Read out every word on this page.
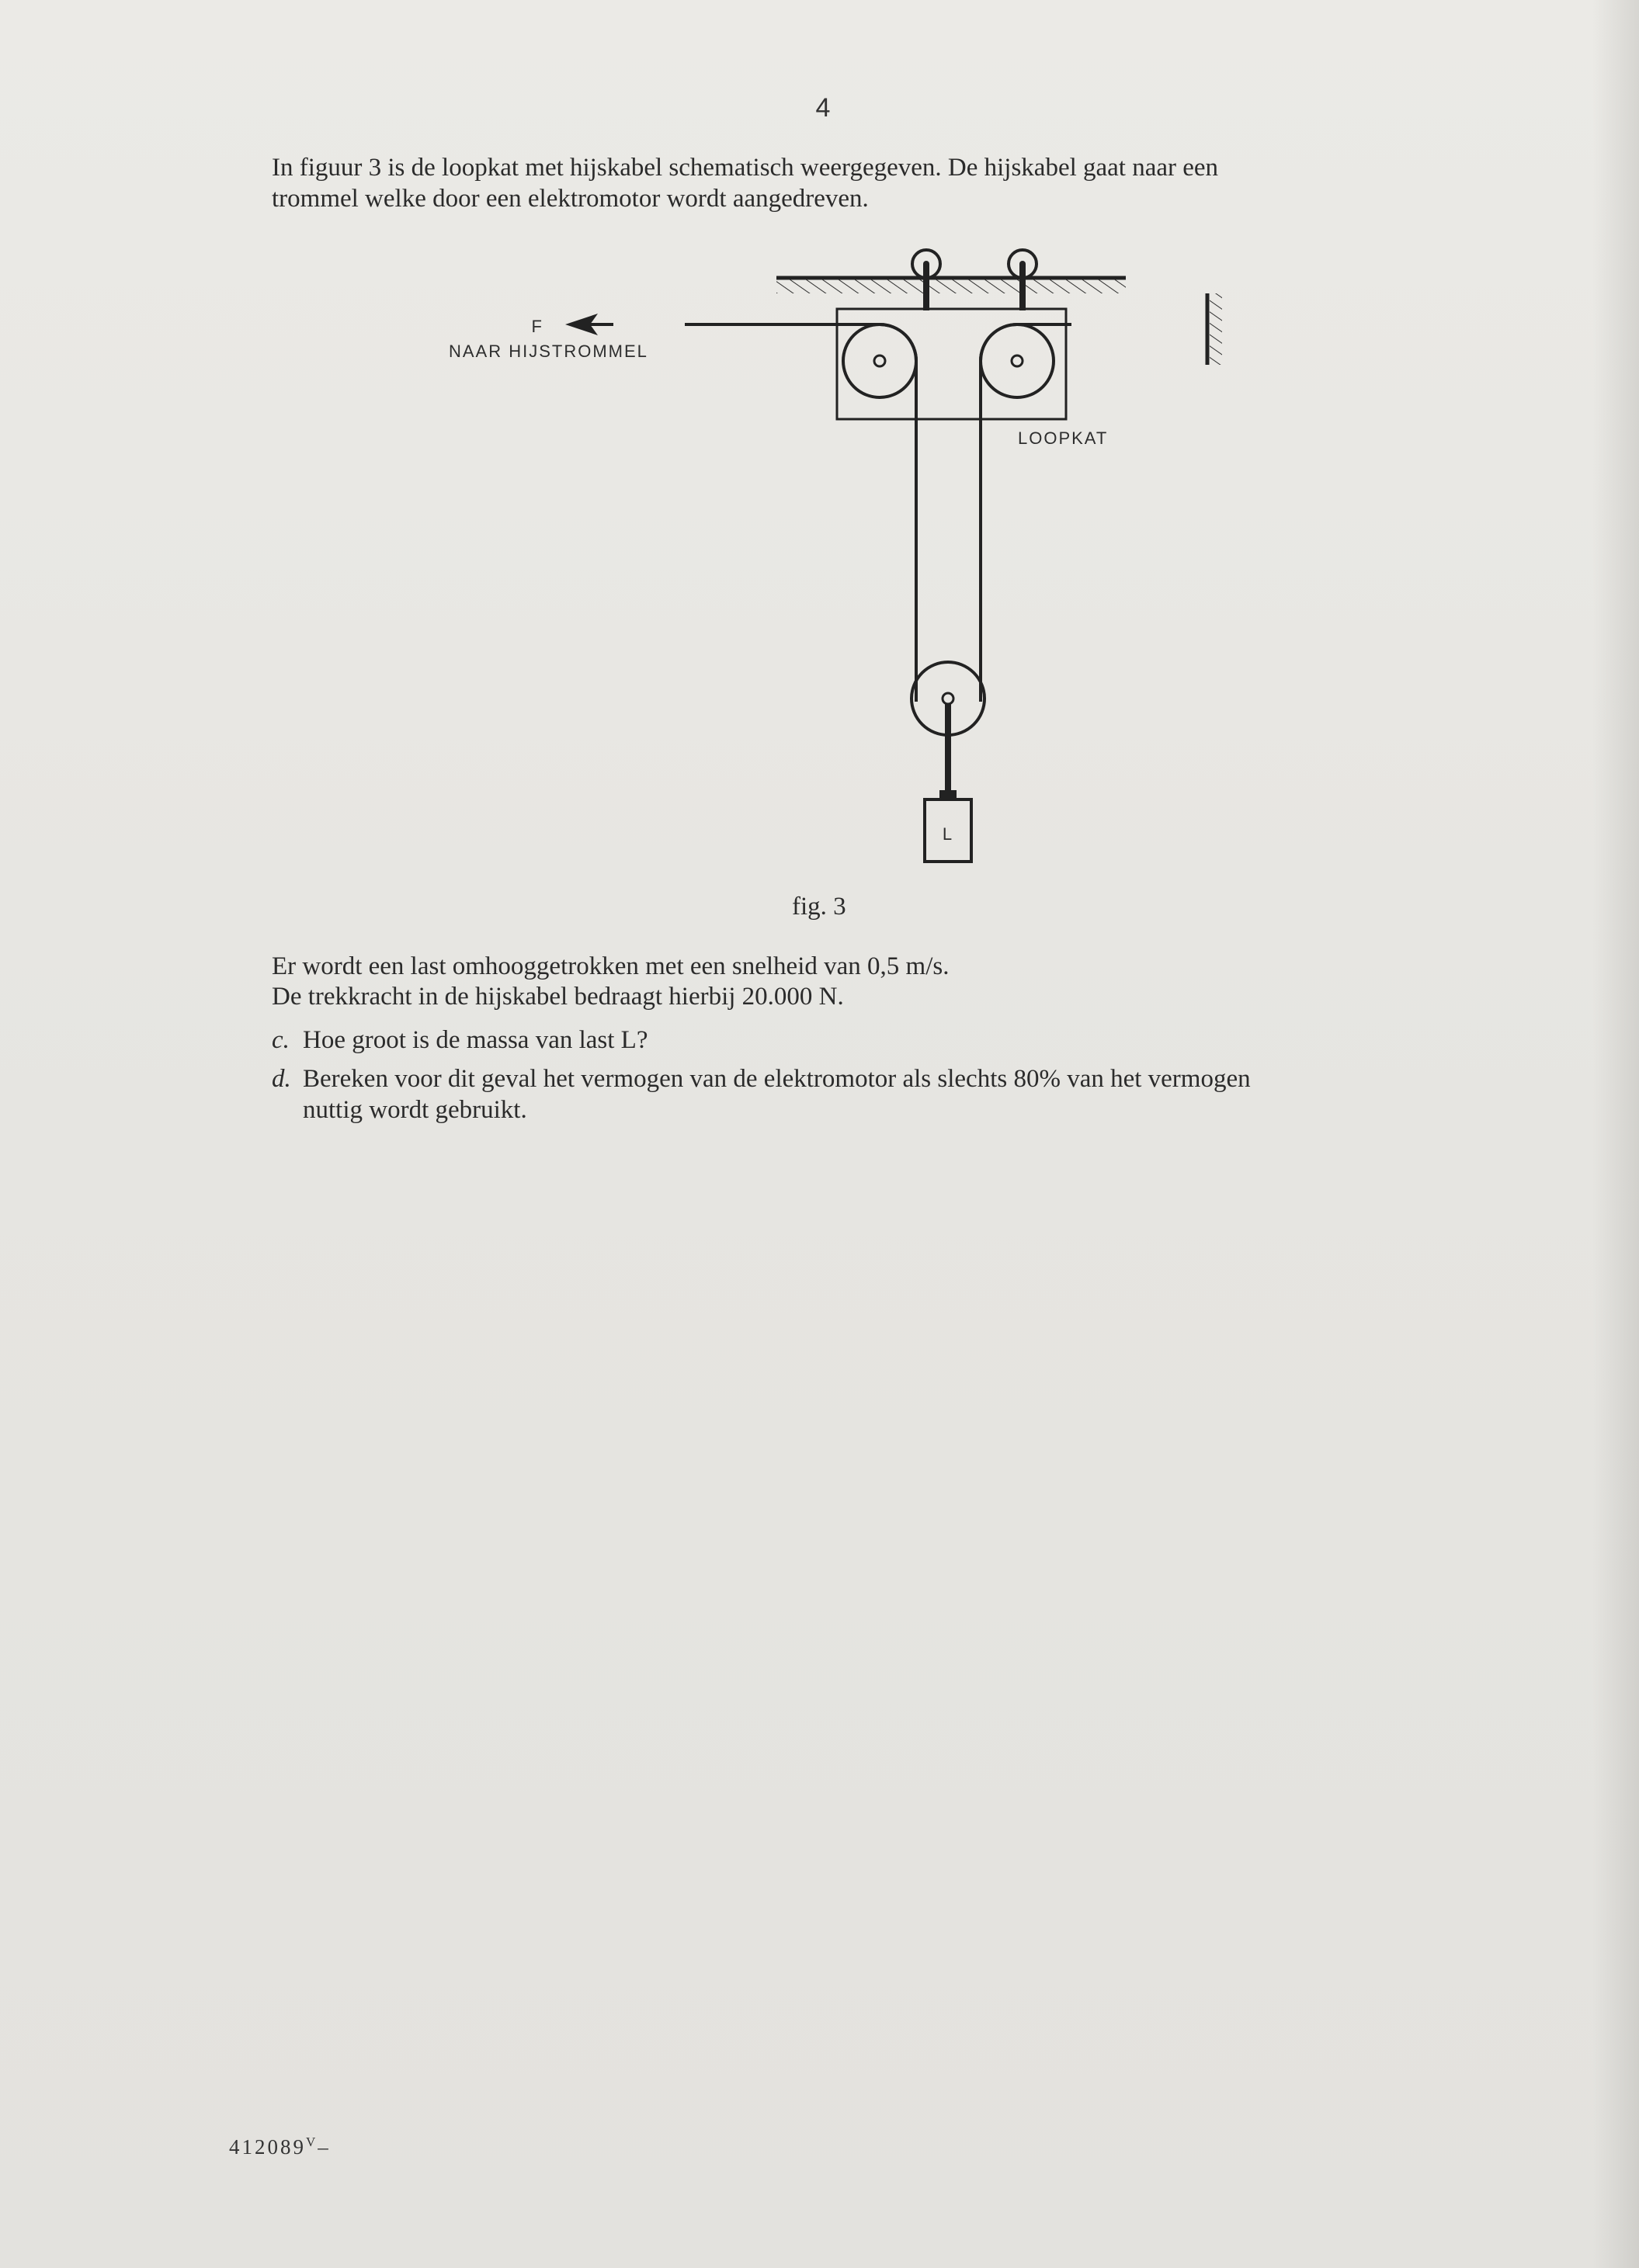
4
In figuur 3 is de loopkat met hijskabel schematisch weergegeven. De hijskabel gaat naar een
trommel welke door een elektromotor wordt aangedreven.
F
NAAR HIJSTROMMEL
LOOPKAT
L
fig. 3
Er wordt een last omhooggetrokken met een snelheid van 0,5 m/s.
De trekkracht in de hijskabel bedraagt hierbij 20.000 N.
c. Hoe groot is de massa van last L?
d. Bereken voor dit geval het vermogen van de elektromotor als slechts 80% van het vermogen
nuttig wordt gebruikt.
$412089^V-$
